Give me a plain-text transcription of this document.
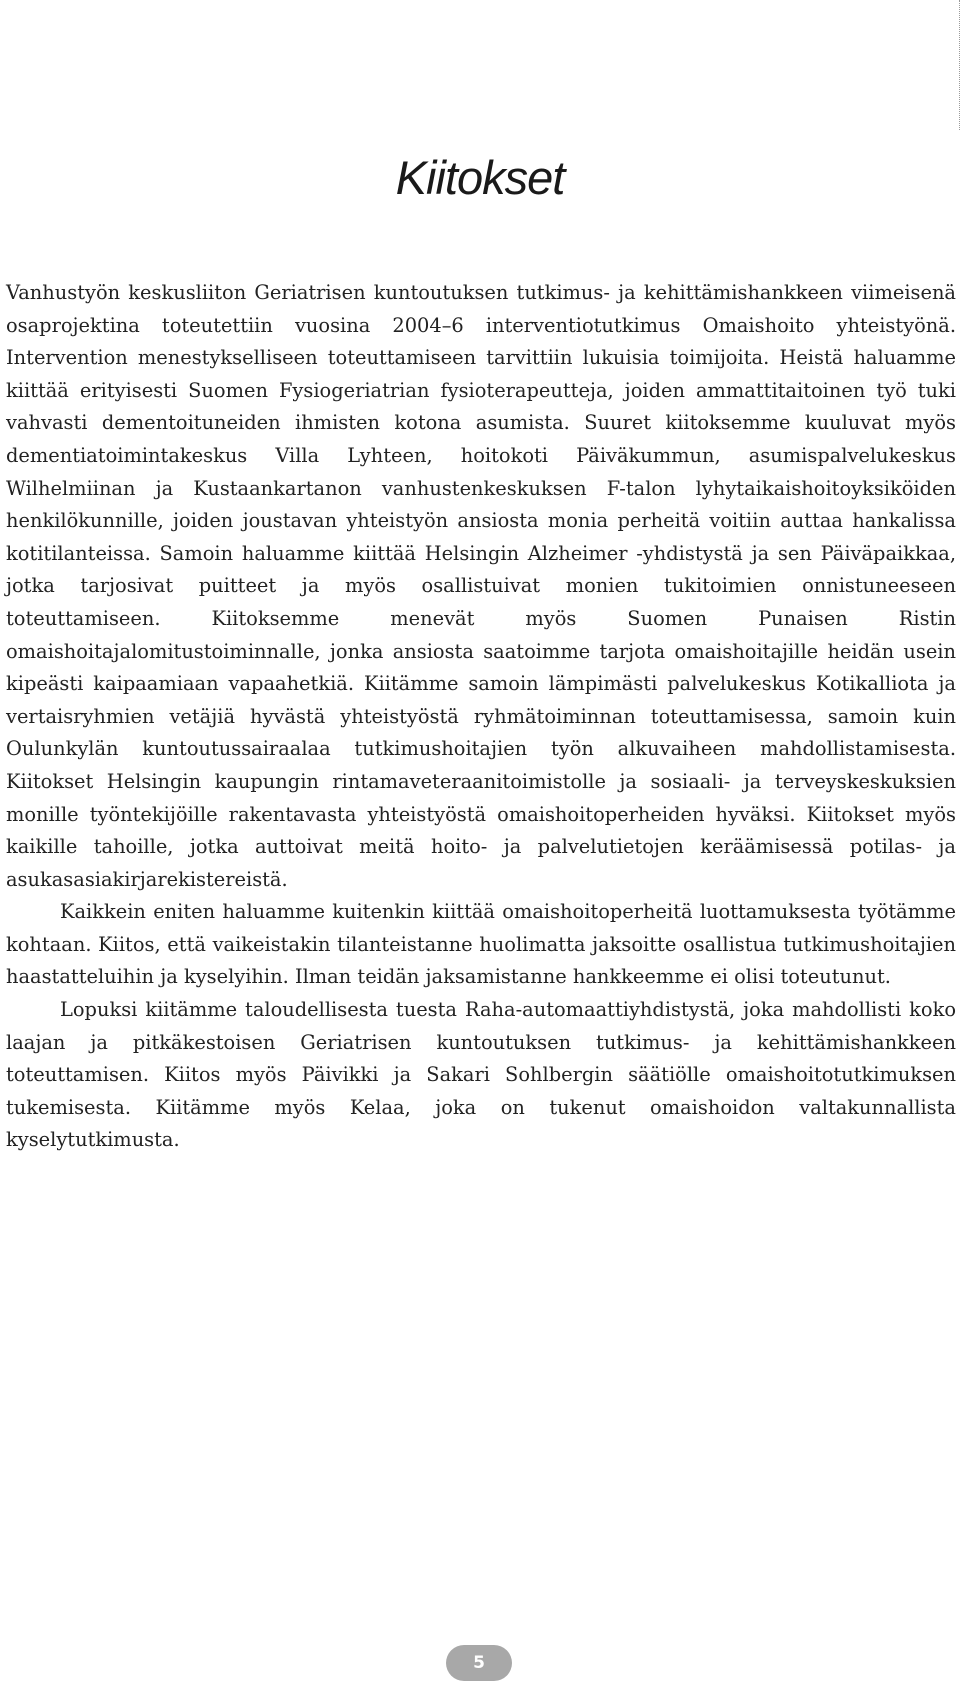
Kiitokset

Vanhustyön keskusliiton Geriatrisen kuntoutuksen tutkimus- ja kehittämishankkeen viimeisenä osaprojektina toteutettiin vuosina 2004–6 interventiotutkimus Omaishoito yhteistyönä. Intervention menestykselliseen toteuttamiseen tarvittiin lukuisia toimijoita. Heistä haluamme kiittää erityisesti Suomen Fysiogeriatrian fysioterapeutteja, joiden ammattitaitoinen työ tuki vahvasti dementoituneiden ihmisten kotona asumista. Suuret kiitoksemme kuuluvat myös dementiatoimintakeskus Villa Lyhteen, hoitokoti Päiväkummun, asumispalvelukeskus Wilhelmiinan ja Kustaankartanon vanhustenkeskuksen F-talon lyhytaikaishoitoyksiköiden henkilökunnille, joiden joustavan yhteistyön ansiosta monia perheitä voitiin auttaa hankalissa kotitilanteissa. Samoin haluamme kiittää Helsingin Alzheimer -yhdistystä ja sen Päiväpaikkaa, jotka tarjosivat puitteet ja myös osallistuivat monien tukitoimien onnistuneeseen toteuttamiseen. Kiitoksemme menevät myös Suomen Punaisen Ristin omaishoitajalomitustoiminnalle, jonka ansiosta saatoimme tarjota omaishoitajille heidän usein kipeästi kaipaamiaan vapaahetkiä. Kiitämme samoin lämpimästi palvelukeskus Kotikalliota ja vertaisryhmien vetäjiä hyvästä yhteistyöstä ryhmätoiminnan toteuttamisessa, samoin kuin Oulunkylän kuntoutussairaalaa tutkimushoitajien työn alkuvaiheen mahdollistamisesta. Kiitokset Helsingin kaupungin rintamaveteraanitoimistolle ja sosiaali- ja terveyskeskuksien monille työntekijöille rakentavasta yhteistyöstä omaishoitoperheiden hyväksi. Kiitokset myös kaikille tahoille, jotka auttoivat meitä hoito- ja palvelutietojen keräämisessä potilas- ja asukasasiakirjarekistereistä.

Kaikkein eniten haluamme kuitenkin kiittää omaishoitoperheitä luottamuksesta työtämme kohtaan. Kiitos, että vaikeistakin tilanteistanne huolimatta jaksoitte osallistua tutkimushoitajien haastatteluihin ja kyselyihin. Ilman teidän jaksamistanne hankkeemme ei olisi toteutunut.

Lopuksi kiitämme taloudellisesta tuesta Raha-automaattiyhdistystä, joka mahdollisti koko laajan ja pitkäkestoisen Geriatrisen kuntoutuksen tutkimus- ja kehittämishankkeen toteuttamisen. Kiitos myös Päivikki ja Sakari Sohlbergin säätiölle omaishoitotutkimuksen tukemisesta. Kiitämme myös Kelaa, joka on tukenut omaishoidon valtakunnallista kyselytutkimusta.

5
